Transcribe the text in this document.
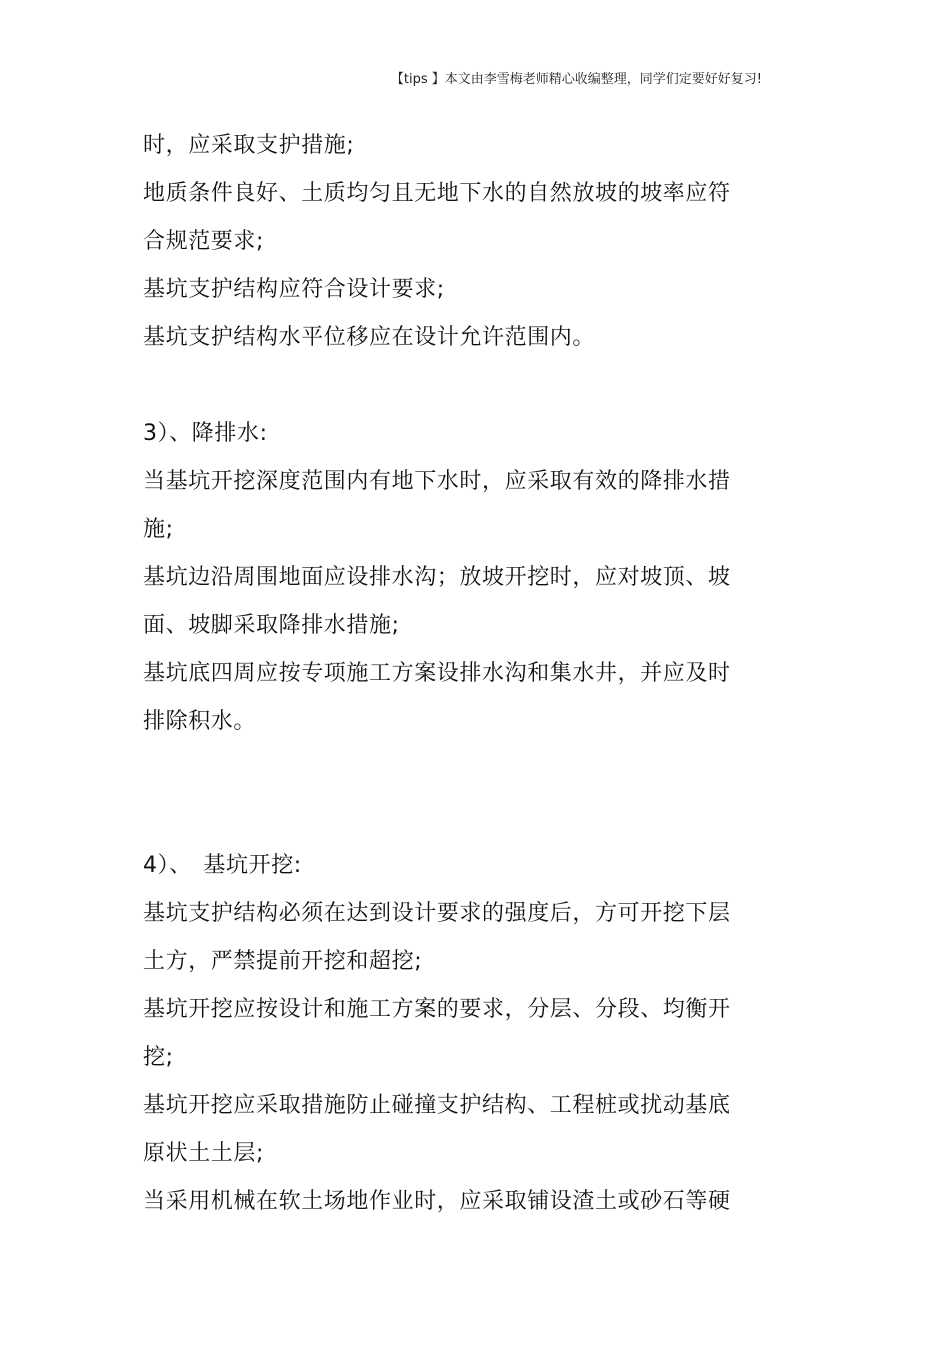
【tips 】本文由李雪梅老师精心收编整理，同学们定要好好复习!
时，应采取支护措施;
地质条件良好、土质均匀且无地下水的自然放坡的坡率应符
合规范要求;
基坑支护结构应符合设计要求;
基坑支护结构水平位移应在设计允许范围内。
3）、降排水:
当基坑开挖深度范围内有地下水时，应采取有效的降排水措
施;
基坑边沿周围地面应设排水沟；放坡开挖时，应对坡顶、坡
面、坡脚采取降排水措施;
基坑底四周应按专项施工方案设排水沟和集水井，并应及时
排除积水。
4）、　基坑开挖:
基坑支护结构必须在达到设计要求的强度后，方可开挖下层
土方，严禁提前开挖和超挖;
基坑开挖应按设计和施工方案的要求，分层、分段、均衡开
挖;
基坑开挖应采取措施防止碰撞支护结构、工程桩或扰动基底
原状土土层;
当采用机械在软土场地作业时，应采取铺设渣土或砂石等硬
